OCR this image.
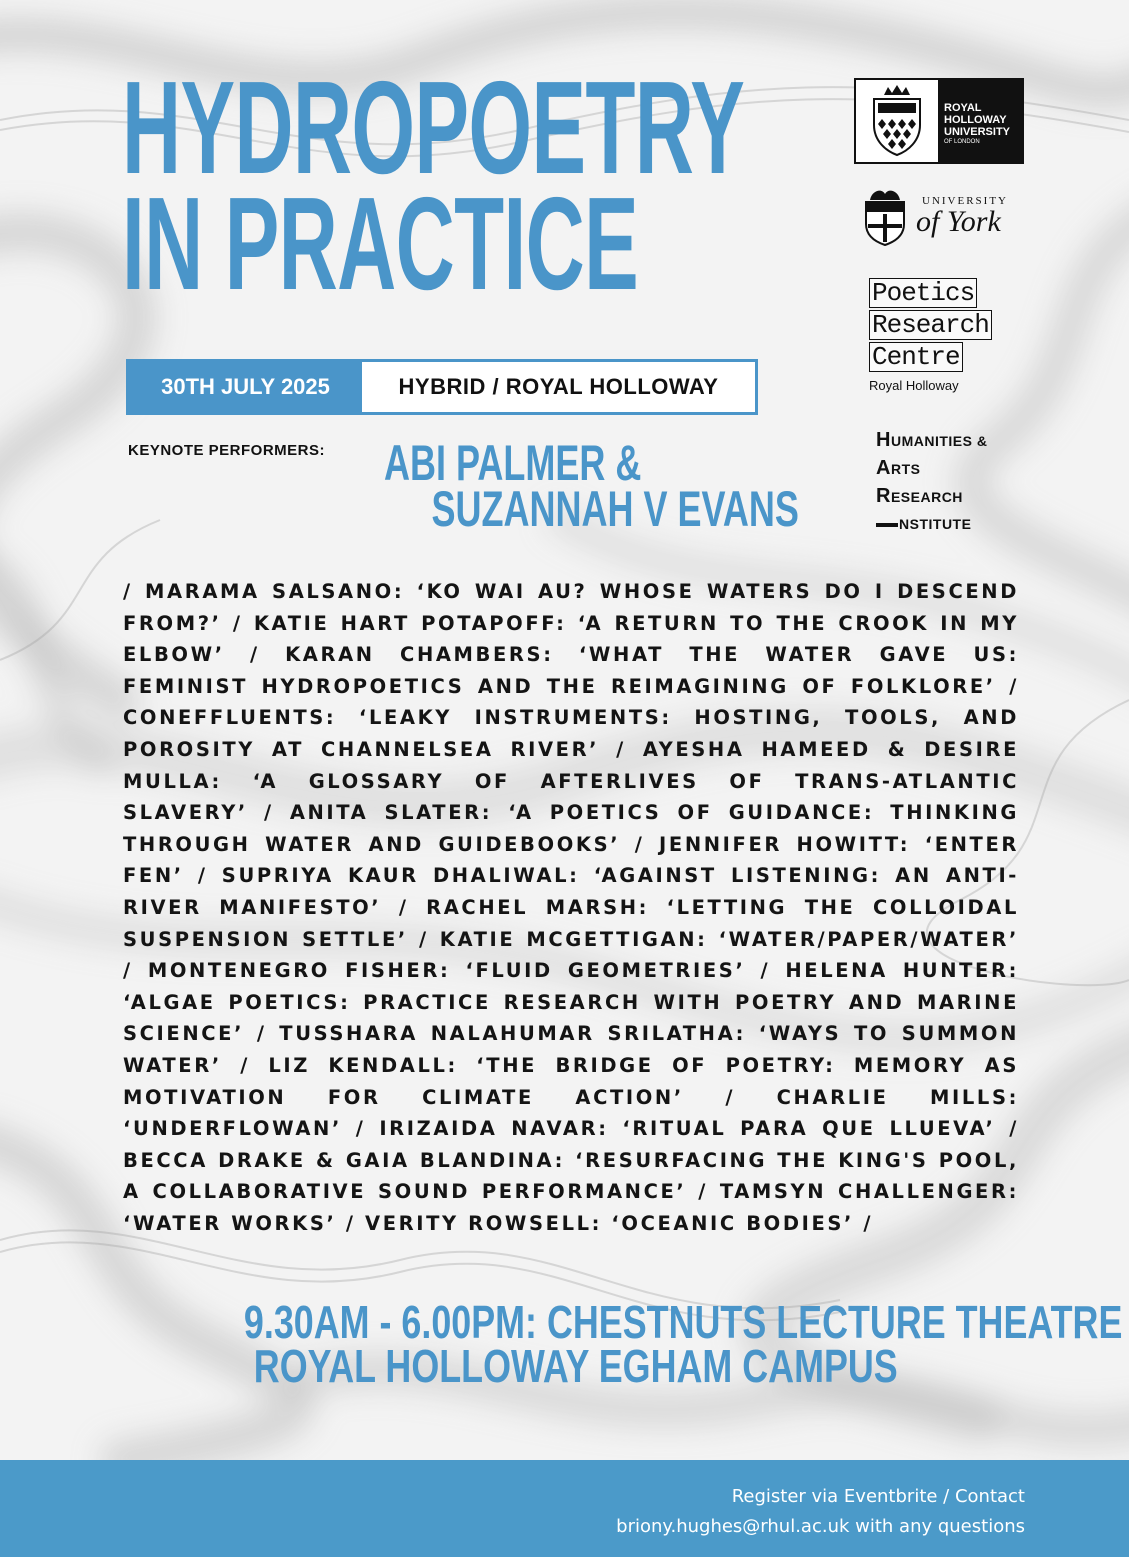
HYDROPOETRY
IN PRACTICE
30TH JULY 2025	HYBRID / ROYAL HOLLOWAY
KEYNOTE PERFORMERS: ABI PALMER &
SUZANNAH V EVANS
/ MARAMA SALSANO: ‘KO WAI AU? WHOSE WATERS DO I DESCEND FROM?’ / KATIE HART POTAPOFF: ‘A RETURN TO THE CROOK IN MY ELBOW’ / KARAN CHAMBERS: ‘WHAT THE WATER GAVE US: FEMINIST HYDROPOETICS AND THE REIMAGINING OF FOLKLORE’ / CONEFFLUENTS: ‘LEAKY INSTRUMENTS: HOSTING, TOOLS, AND POROSITY AT CHANNELSEA RIVER’ / AYESHA HAMEED & DESIRE MULLA: ‘A GLOSSARY OF AFTERLIVES OF TRANS-ATLANTIC SLAVERY’ / ANITA SLATER: ‘A POETICS OF GUIDANCE: THINKING THROUGH WATER AND GUIDEBOOKS’ / JENNIFER HOWITT: ‘ENTER FEN’ / SUPRIYA KAUR DHALIWAL: ‘AGAINST LISTENING: AN ANTI-RIVER MANIFESTO’ / RACHEL MARSH: ‘LETTING THE COLLOIDAL SUSPENSION SETTLE’ / KATIE MCGETTIGAN: ‘WATER/PAPER/WATER’ / MONTENEGRO FISHER: ‘FLUID GEOMETRIES’ / HELENA HUNTER: ‘ALGAE POETICS: PRACTICE RESEARCH WITH POETRY AND MARINE SCIENCE’ / TUSSHARA NALAHUMAR SRILATHA: ‘WAYS TO SUMMON WATER’ / LIZ KENDALL: ‘THE BRIDGE OF POETRY: MEMORY AS MOTIVATION FOR CLIMATE ACTION’ / CHARLIE MILLS: ‘UNDERFLOWAN’ / IRIZAIDA NAVAR: ‘RITUAL PARA QUE LLUEVA’ / BECCA DRAKE & GAIA BLANDINA: ‘RESURFACING THE KING'S POOL, A COLLABORATIVE SOUND PERFORMANCE’ / TAMSYN CHALLENGER: ‘WATER WORKS’ / VERITY ROWSELL: ‘OCEANIC BODIES’ /
9.30AM - 6.00PM: CHESTNUTS LECTURE THEATRE
ROYAL HOLLOWAY EGHAM CAMPUS
ROYAL
HOLLOWAY
UNIVERSITY
OF LONDON
UNIVERSITY
of York
Poetics
Research
Centre
Royal Holloway
HUMANITIES &
ARTS
RESEARCH
NSTITUTE
Register via Eventbrite / Contact
briony.hughes@rhul.ac.uk with any questions
